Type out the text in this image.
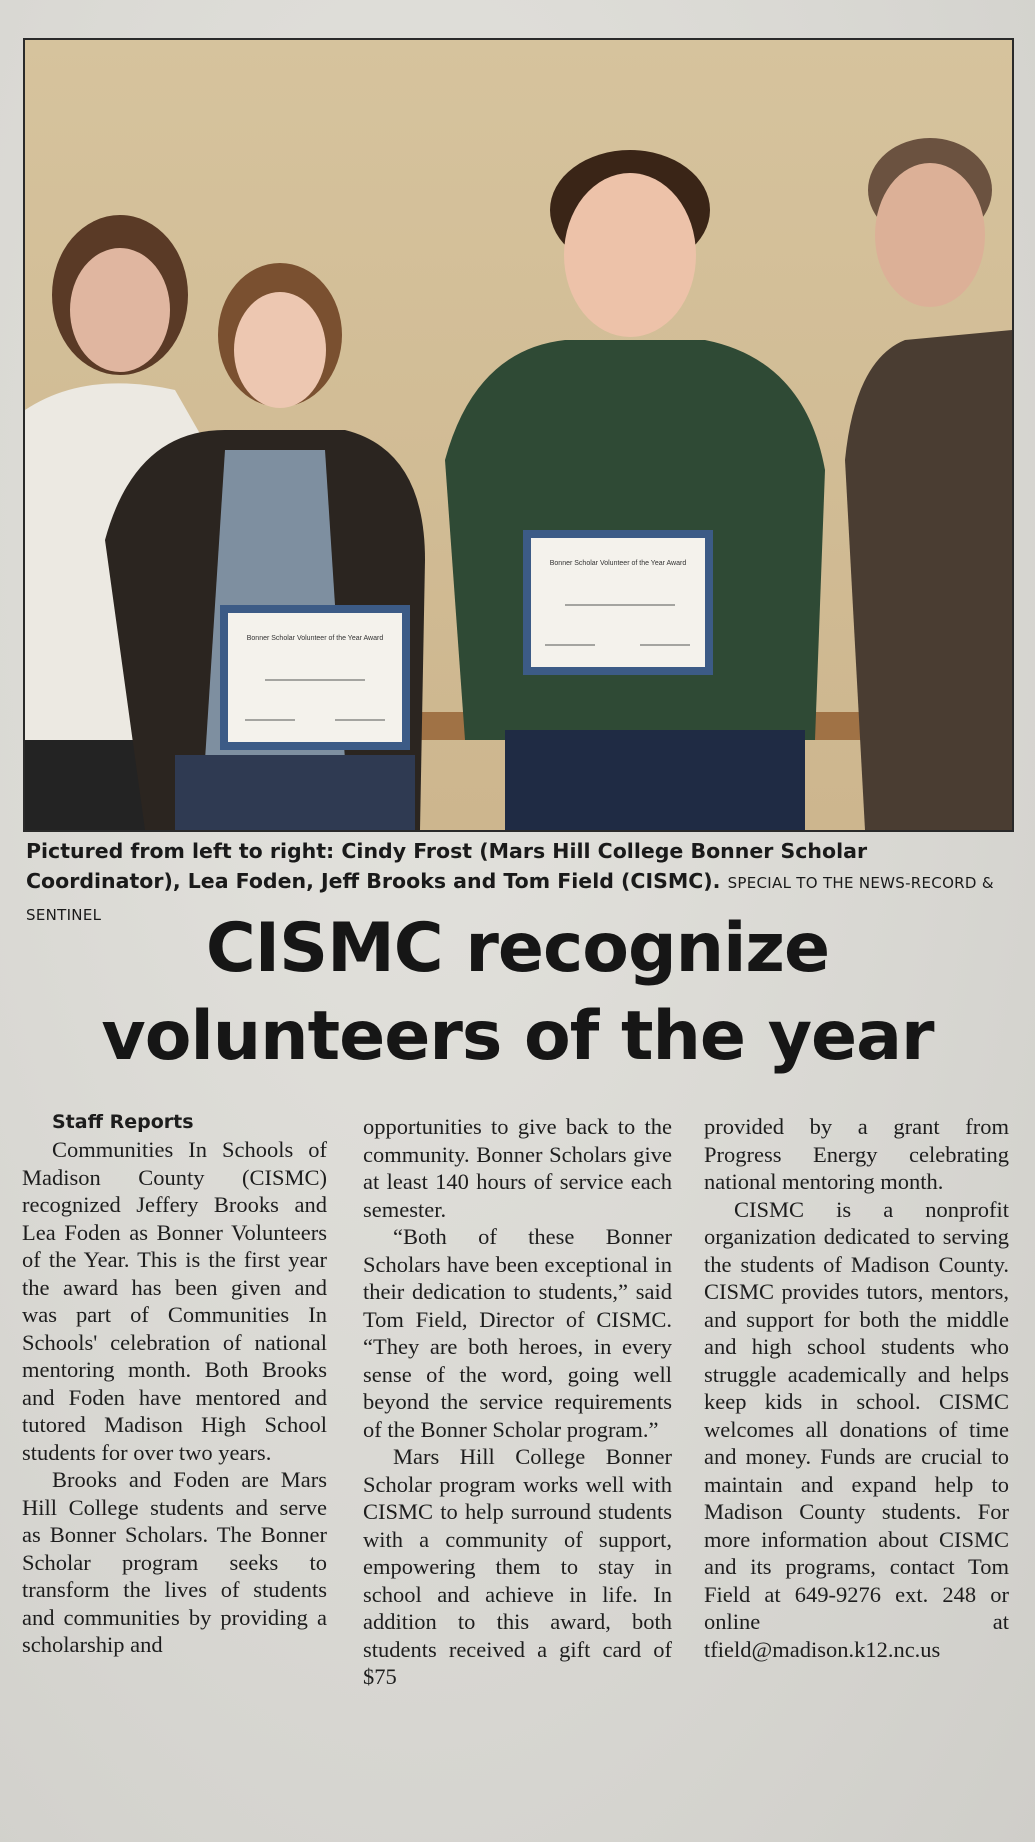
Bonner Scholar Volunteer of the Year Award
Bonner Scholar Volunteer of the Year Award
Pictured from left to right: Cindy Frost (Mars Hill College Bonner Scholar Coordinator), Lea Foden, Jeff Brooks and Tom Field (CISMC). SPECIAL TO THE NEWS-RECORD & SENTINEL	CISMC recognize
volunteers of the year

Staff Reports

Communities In Schools of Madison County (CISMC) recognized Jeffery Brooks and Lea Foden as Bonner Volunteers of the Year. This is the first year the award has been given and was part of Communities In Schools' celebration of national mentoring month. Both Brooks and Foden have mentored and tutored Madison High School students for over two years.

Brooks and Foden are Mars Hill College students and serve as Bonner Scholars. The Bonner Scholar program seeks to transform the lives of students and communities by providing a scholarship and

opportunities to give back to the community. Bonner Scholars give at least 140 hours of service each semester.

“Both of these Bonner Scholars have been exceptional in their dedication to students,” said Tom Field, Director of CISMC. “They are both heroes, in every sense of the word, going well beyond the service requirements of the Bonner Scholar program.”

Mars Hill College Bonner Scholar program works well with CISMC to help surround students with a community of support, empowering them to stay in school and achieve in life. In addition to this award, both students received a gift card of $75

provided by a grant from Progress Energy celebrating national mentoring month.

CISMC is a nonprofit organization dedicated to serving the students of Madison County. CISMC provides tutors, mentors, and support for both the middle and high school students who struggle academically and helps keep kids in school. CISMC welcomes all donations of time and money. Funds are crucial to maintain and expand help to Madison County students. For more information about CISMC and its programs, contact Tom Field at 649-9276 ext. 248 or online at tfield@madison.k12.nc.us
